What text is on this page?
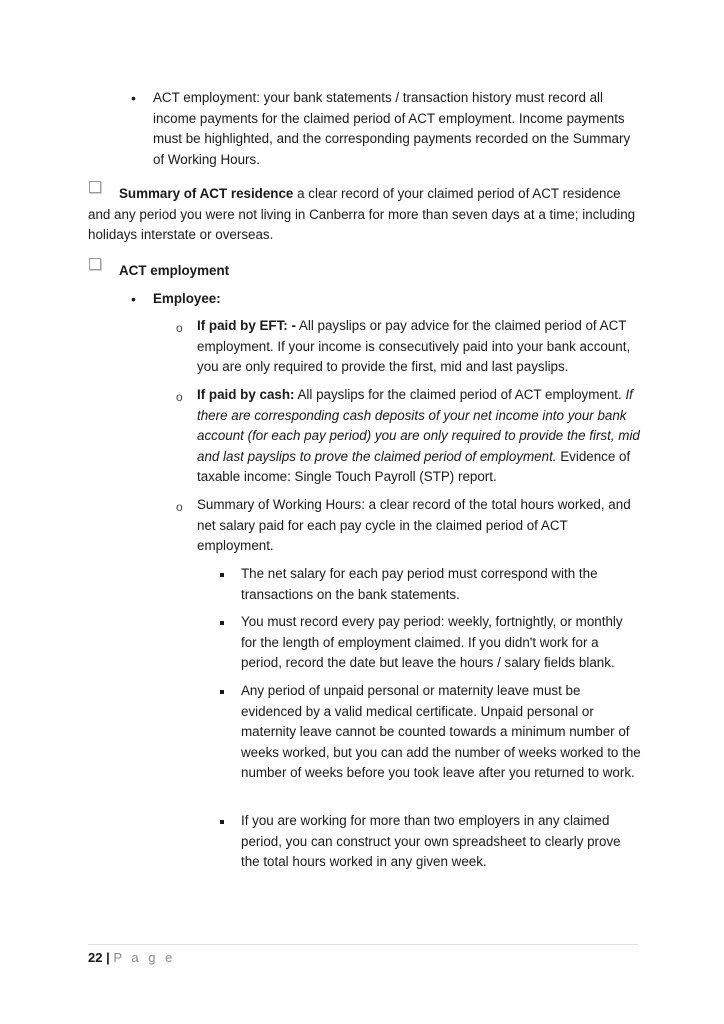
• ACT employment: your bank statements / transaction history must record all income payments for the claimed period of ACT employment. Income payments must be highlighted, and the corresponding payments recorded on the Summary of Working Hours.
Summary of ACT residence a clear record of your claimed period of ACT residence and any period you were not living in Canberra for more than seven days at a time; including holidays interstate or overseas.
ACT employment
• Employee:
o If paid by EFT: - All payslips or pay advice for the claimed period of ACT employment. If your income is consecutively paid into your bank account, you are only required to provide the first, mid and last payslips.
o If paid by cash: All payslips for the claimed period of ACT employment. If there are corresponding cash deposits of your net income into your bank account (for each pay period) you are only required to provide the first, mid and last payslips to prove the claimed period of employment. Evidence of taxable income: Single Touch Payroll (STP) report.
o Summary of Working Hours: a clear record of the total hours worked, and net salary paid for each pay cycle in the claimed period of ACT employment.
The net salary for each pay period must correspond with the transactions on the bank statements.
You must record every pay period: weekly, fortnightly, or monthly for the length of employment claimed. If you didn't work for a period, record the date but leave the hours / salary fields blank.
Any period of unpaid personal or maternity leave must be evidenced by a valid medical certificate. Unpaid personal or maternity leave cannot be counted towards a minimum number of weeks worked, but you can add the number of weeks worked to the number of weeks before you took leave after you returned to work.
If you are working for more than two employers in any claimed period, you can construct your own spreadsheet to clearly prove the total hours worked in any given week.
22 | P a g e
